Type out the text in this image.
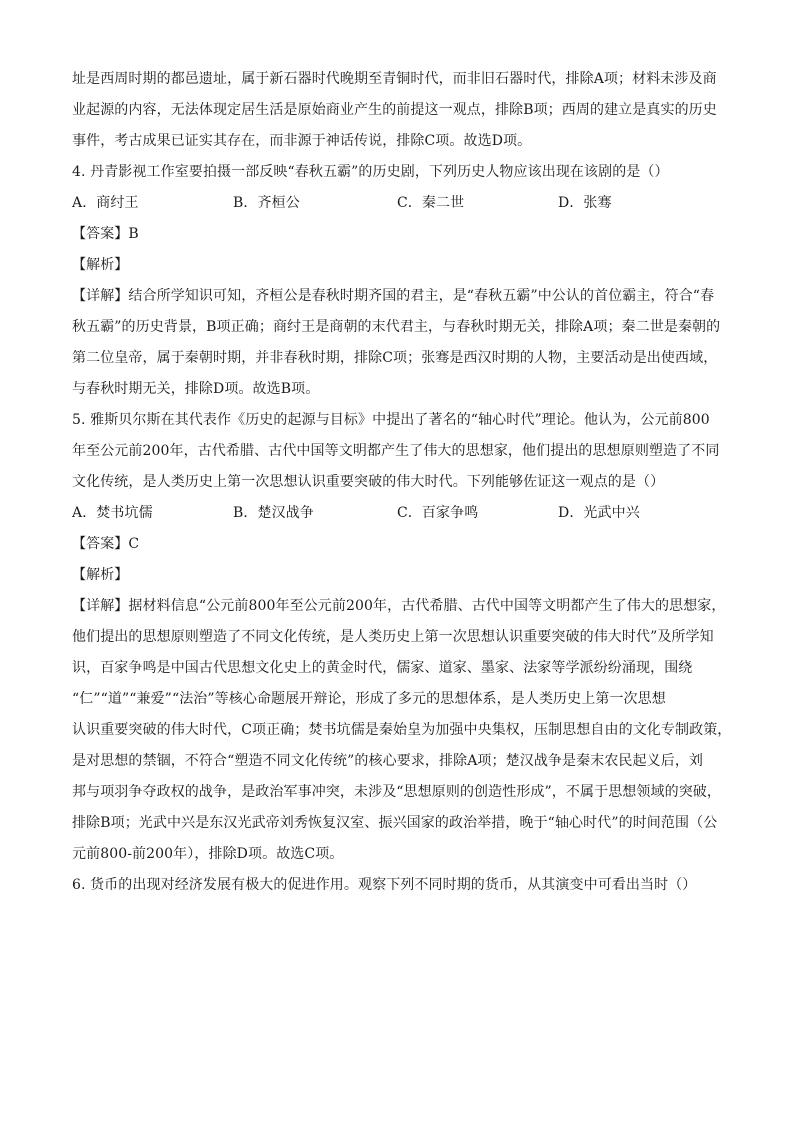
址是西周时期的都邑遗址，属于新石器时代晚期至青铜时代，而非旧石器时代，排除A项；材料未涉及商
业起源的内容，无法体现定居生活是原始商业产生的前提这一观点，排除B项；西周的建立是真实的历史
事件，考古成果已证实其存在，而非源于神话传说，排除C项。故选D项。
4. 丹青影视工作室要拍摄一部反映“春秋五霸”的历史剧，下列历史人物应该出现在该剧的是（）
A．商纣王	B．齐桓公	C．秦二世	D．张骞
【答案】B
【解析】
【详解】结合所学知识可知，齐桓公是春秋时期齐国的君主，是“春秋五霸”中公认的首位霸主，符合“春
秋五霸”的历史背景，B项正确；商纣王是商朝的末代君主，与春秋时期无关，排除A项；秦二世是秦朝的
第二位皇帝，属于秦朝时期，并非春秋时期，排除C项；张骞是西汉时期的人物，主要活动是出使西域，
与春秋时期无关，排除D项。故选B项。
5. 雅斯贝尔斯在其代表作《历史的起源与目标》中提出了著名的“轴心时代”理论。他认为，公元前800
年至公元前200年，古代希腊、古代中国等文明都产生了伟大的思想家，他们提出的思想原则塑造了不同
文化传统，是人类历史上第一次思想认识重要突破的伟大时代。下列能够佐证这一观点的是（）
A．焚书坑儒	B．楚汉战争	C．百家争鸣	D．光武中兴
【答案】C
【解析】
【详解】据材料信息“公元前800年至公元前200年，古代希腊、古代中国等文明都产生了伟大的思想家，
他们提出的思想原则塑造了不同文化传统，是人类历史上第一次思想认识重要突破的伟大时代”及所学知
识，百家争鸣是中国古代思想文化史上的黄金时代，儒家、道家、墨家、法家等学派纷纷涌现，围绕
“仁”“道”“兼爱”“法治”等核心命题展开辩论，形成了多元的思想体系，是人类历史上第一次思想
认识重要突破的伟大时代，C项正确；焚书坑儒是秦始皇为加强中央集权，压制思想自由的文化专制政策，
是对思想的禁锢，不符合“塑造不同文化传统”的核心要求，排除A项；楚汉战争是秦末农民起义后，刘
邦与项羽争夺政权的战争，是政治军事冲突，未涉及“思想原则的创造性形成”，不属于思想领域的突破，
排除B项；光武中兴是东汉光武帝刘秀恢复汉室、振兴国家的政治举措，晚于“轴心时代”的时间范围（公
元前800-前200年），排除D项。故选C项。
6. 货币的出现对经济发展有极大的促进作用。观察下列不同时期的货币，从其演变中可看出当时（）
